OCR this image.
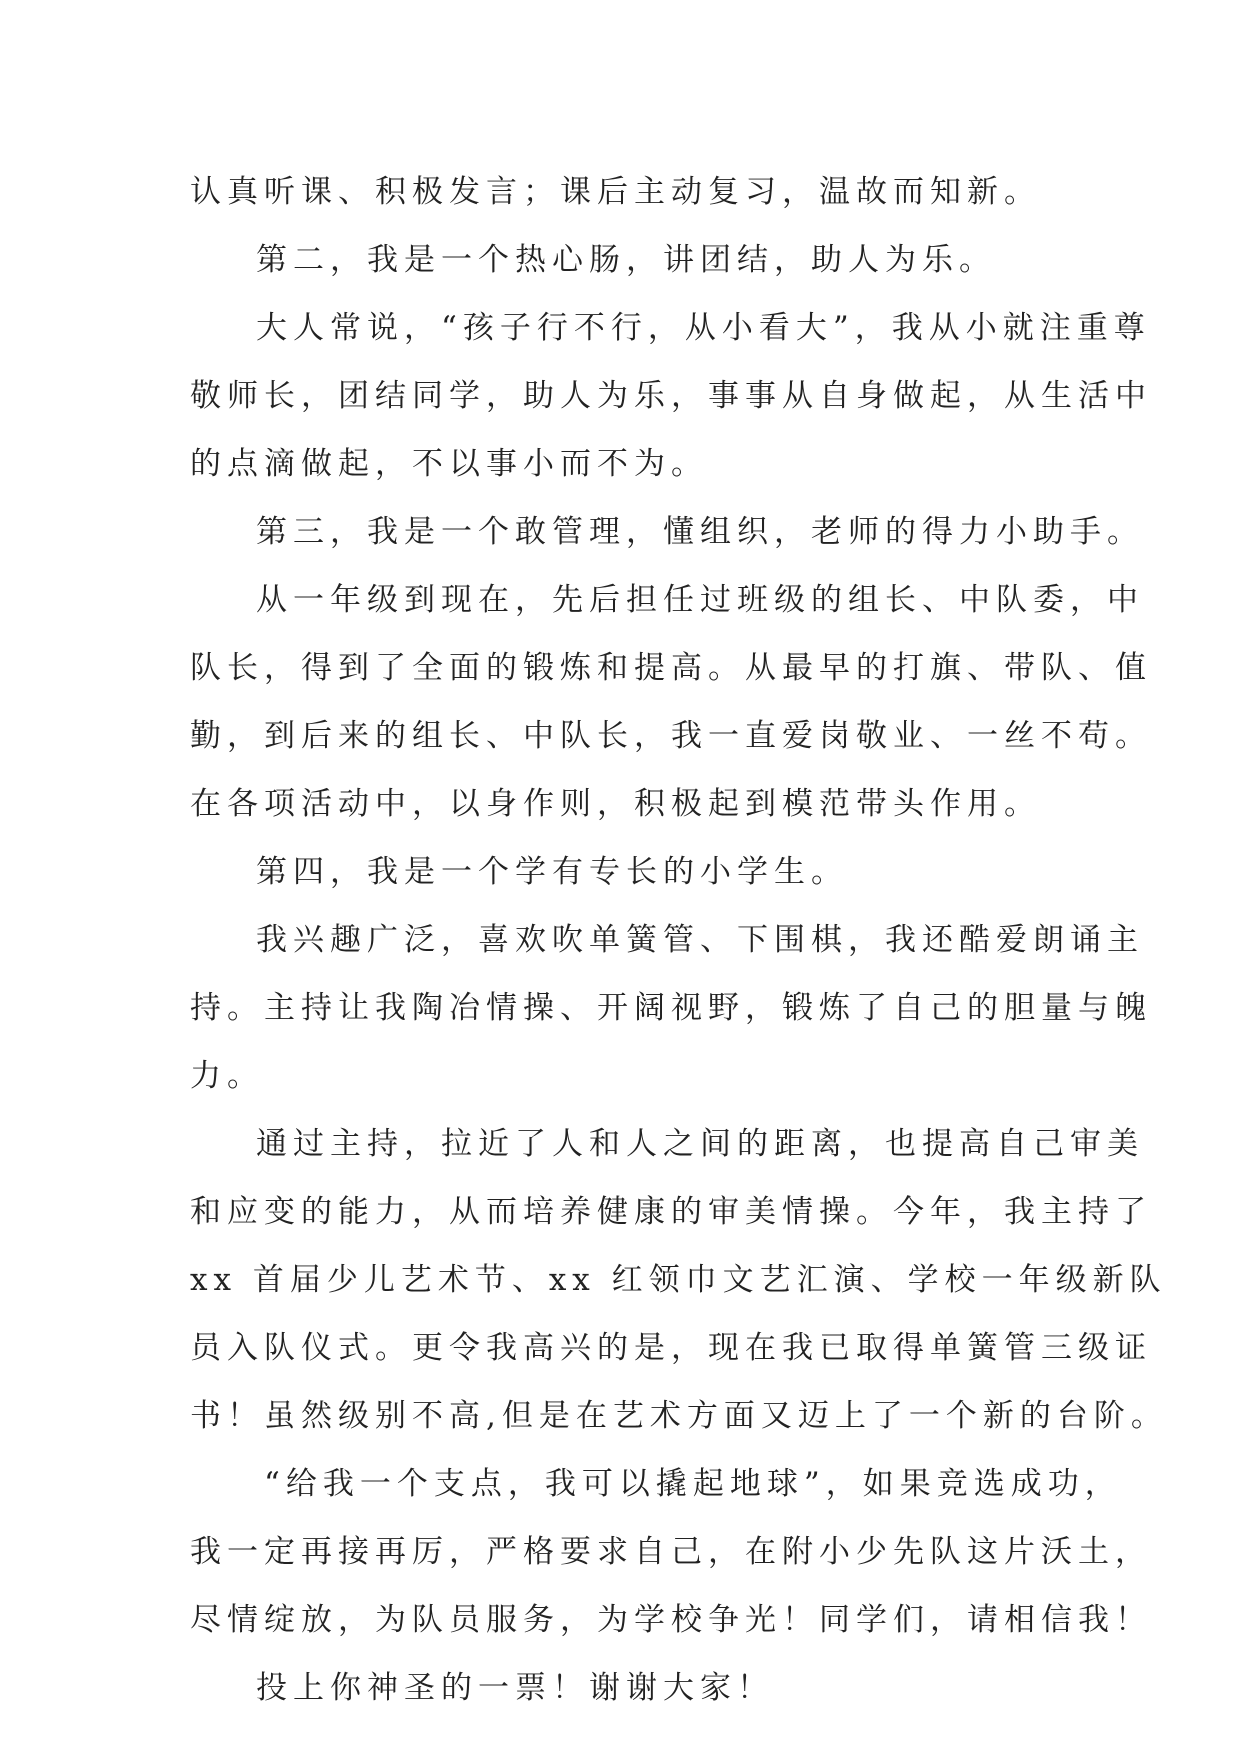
认真听课、积极发言；课后主动复习，温故而知新。
第二，我是一个热心肠，讲团结，助人为乐。
大人常说，“孩子行不行，从小看大”，我从小就注重尊
敬师长，团结同学，助人为乐，事事从自身做起，从生活中
的点滴做起，不以事小而不为。
第三，我是一个敢管理，懂组织，老师的得力小助手。
从一年级到现在，先后担任过班级的组长、中队委，中
队长，得到了全面的锻炼和提高。从最早的打旗、带队、值
勤，到后来的组长、中队长，我一直爱岗敬业、一丝不苟。
在各项活动中，以身作则，积极起到模范带头作用。
第四，我是一个学有专长的小学生。
我兴趣广泛，喜欢吹单簧管、下围棋，我还酷爱朗诵主
持。主持让我陶冶情操、开阔视野，锻炼了自己的胆量与魄
力。
通过主持，拉近了人和人之间的距离，也提高自己审美
和应变的能力，从而培养健康的审美情操。今年，我主持了
xx 首届少儿艺术节、xx 红领巾文艺汇演、学校一年级新队
员入队仪式。更令我高兴的是，现在我已取得单簧管三级证
书！虽然级别不高,但是在艺术方面又迈上了一个新的台阶。
“给我一个支点，我可以撬起地球”，如果竞选成功，
我一定再接再厉，严格要求自己，在附小少先队这片沃土，
尽情绽放，为队员服务，为学校争光！同学们，请相信我！
投上你神圣的一票！谢谢大家！
